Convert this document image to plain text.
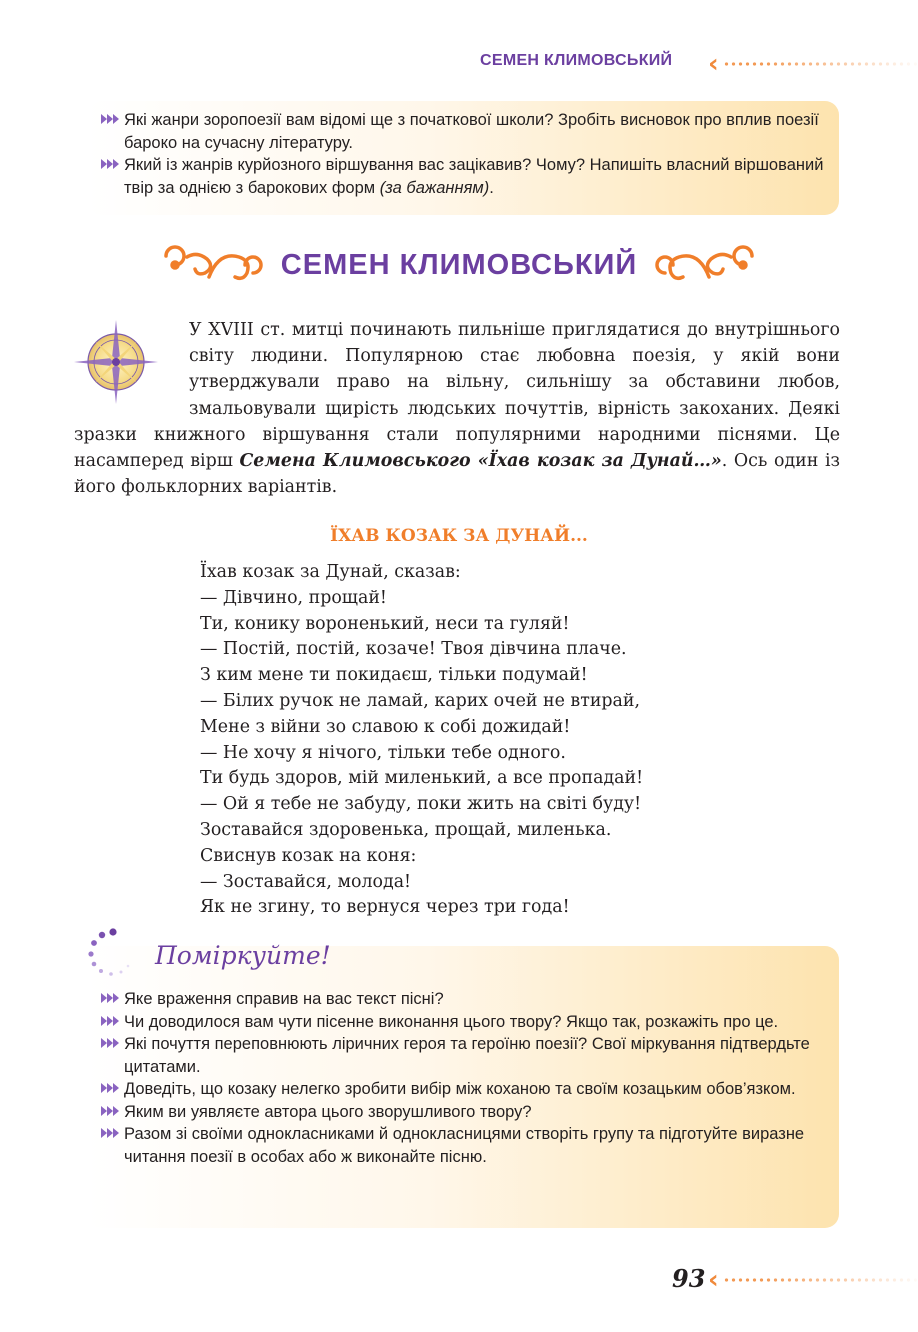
СЕМЕН КЛИМОВСЬКИЙ ‹
Які жанри зоропоезії вам відомі ще з початкової школи? Зробіть висновок про вплив поезії бароко на сучасну літературу.
Який із жанрів курйозного віршування вас зацікавив? Чому? Напишіть власний віршований твір за однією з барокових форм (за бажанням).
СЕМЕН КЛИМОВСЬКИЙ
У XVIII ст. митці починають пильніше приглядатися до внутрішнього світу людини. Популярною стає любовна поезія, у якій вони утверджували право на вільну, сильнішу за обставини любов, змальовували щирість людських почуттів, вірність закоханих. Деякі зразки книжного віршування стали популярними народними піснями. Це насамперед вірш Семена Климовського «Їхав козак за Дунай…». Ось один із його фольклорних варіантів.
ЇХАВ КОЗАК ЗА ДУНАЙ...
Їхав козак за Дунай, сказав:
— Дівчино, прощай!
Ти, конику вороненький, неси та гуляй!
— Постій, постій, козаче! Твоя дівчина плаче.
З ким мене ти покидаєш, тільки подумай!
— Білих ручок не ламай, карих очей не втирай,
Мене з війни зо славою к собі дожидай!
— Не хочу я нічого, тільки тебе одного.
Ти будь здоров, мій миленький, а все пропадай!
— Ой я тебе не забуду, поки жить на світі буду!
Зоставайся здоровенька, прощай, миленька.
Свиснув козак на коня:
— Зоставайся, молода!
Як не згину, то вернуся через три года!
Яке враження справив на вас текст пісні?
Чи доводилося вам чути пісенне виконання цього твору? Якщо так, розкажіть про це.
Які почуття переповнюють ліричних героя та героїню поезії? Свої міркування підтвердьте цитатами.
Доведіть, що козаку нелегко зробити вибір між коханою та своїм козацьким обов’язком.
Яким ви уявляєте автора цього зворушливого твору?
Разом зі своїми однокласниками й однокласницями створіть групу та підготуйте виразне читання поезії в особах або ж виконайте пісню.
Поміркуйте!
93 ‹
